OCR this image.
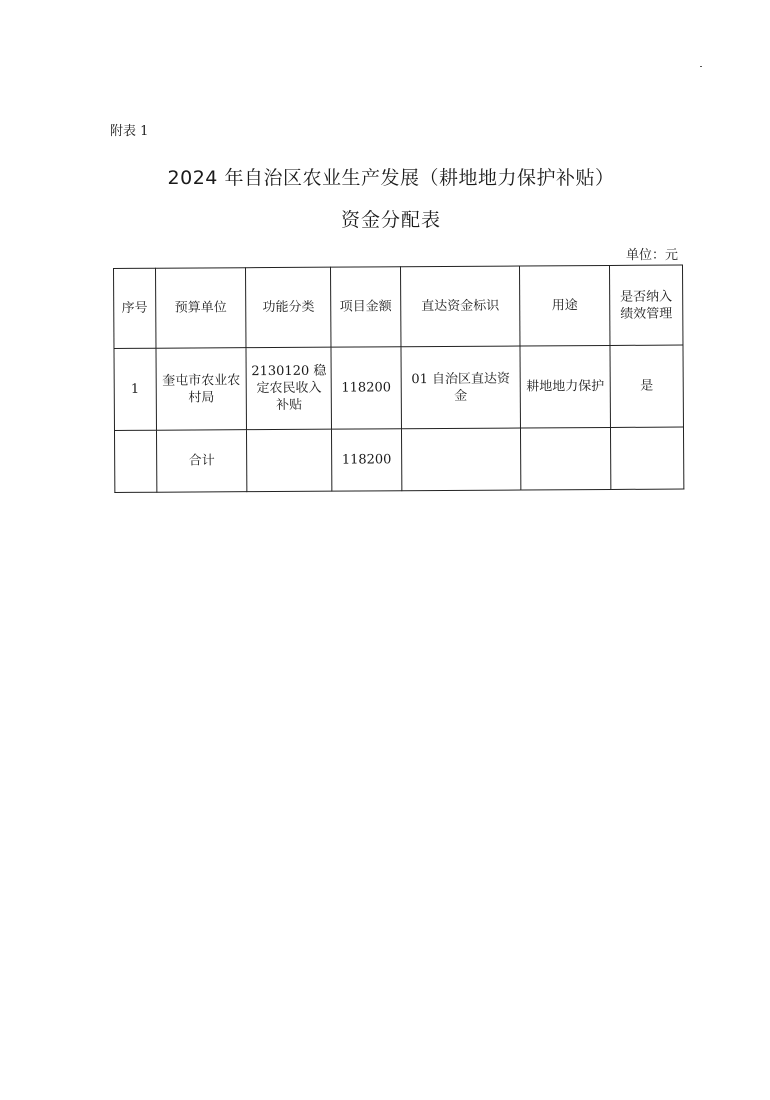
附表 1
2024 年自治区农业生产发展（耕地地力保护补贴）
资金分配表
单位：元
序号	预算单位	功能分类	项目金额	直达资金标识	用途	是否纳入绩效管理
1	奎屯市农业农村局	2130120 稳定农民收入补贴	118200	01 自治区直达资金	耕地地力保护	是
	合计		118200			
